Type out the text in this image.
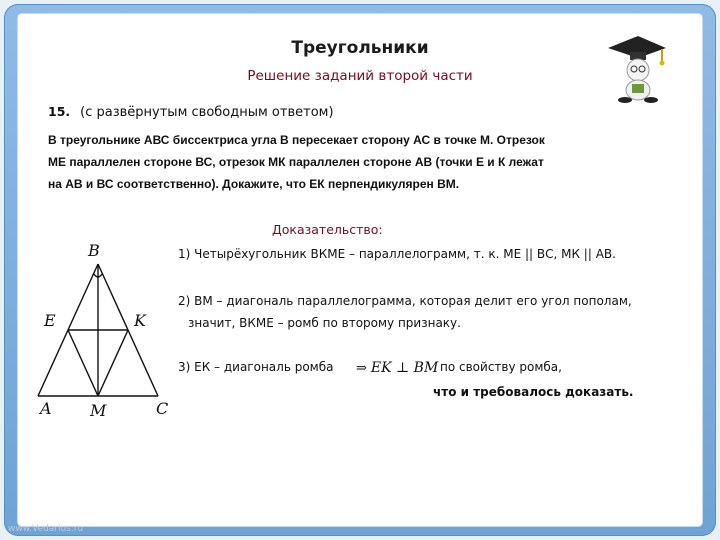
Треугольники
Решение заданий второй части
15. (с развёрнутым свободным ответом)
В треугольнике АВС биссектриса угла В пересекает сторону АС в точке М. Отрезок
МЕ параллелен стороне ВС, отрезок МК параллелен стороне АВ (точки Е и К лежат
на АВ и ВС соответственно). Докажите, что ЕК перпендикулярен ВМ.
Доказательство:
1) Четырёхугольник ВКМЕ – параллелограмм, т. к. МЕ || ВС, МК || АВ.
2) ВМ – диагональ параллелограмма, которая делит его угол пополам,
значит, ВКМЕ – ромб по второму признаку.
3) ЕК – диагональ ромба ⇒ EK ⊥ BM по свойству ромба,
что и требовалось доказать.
B
E	K
A M	C
www.Vedarius.ru
